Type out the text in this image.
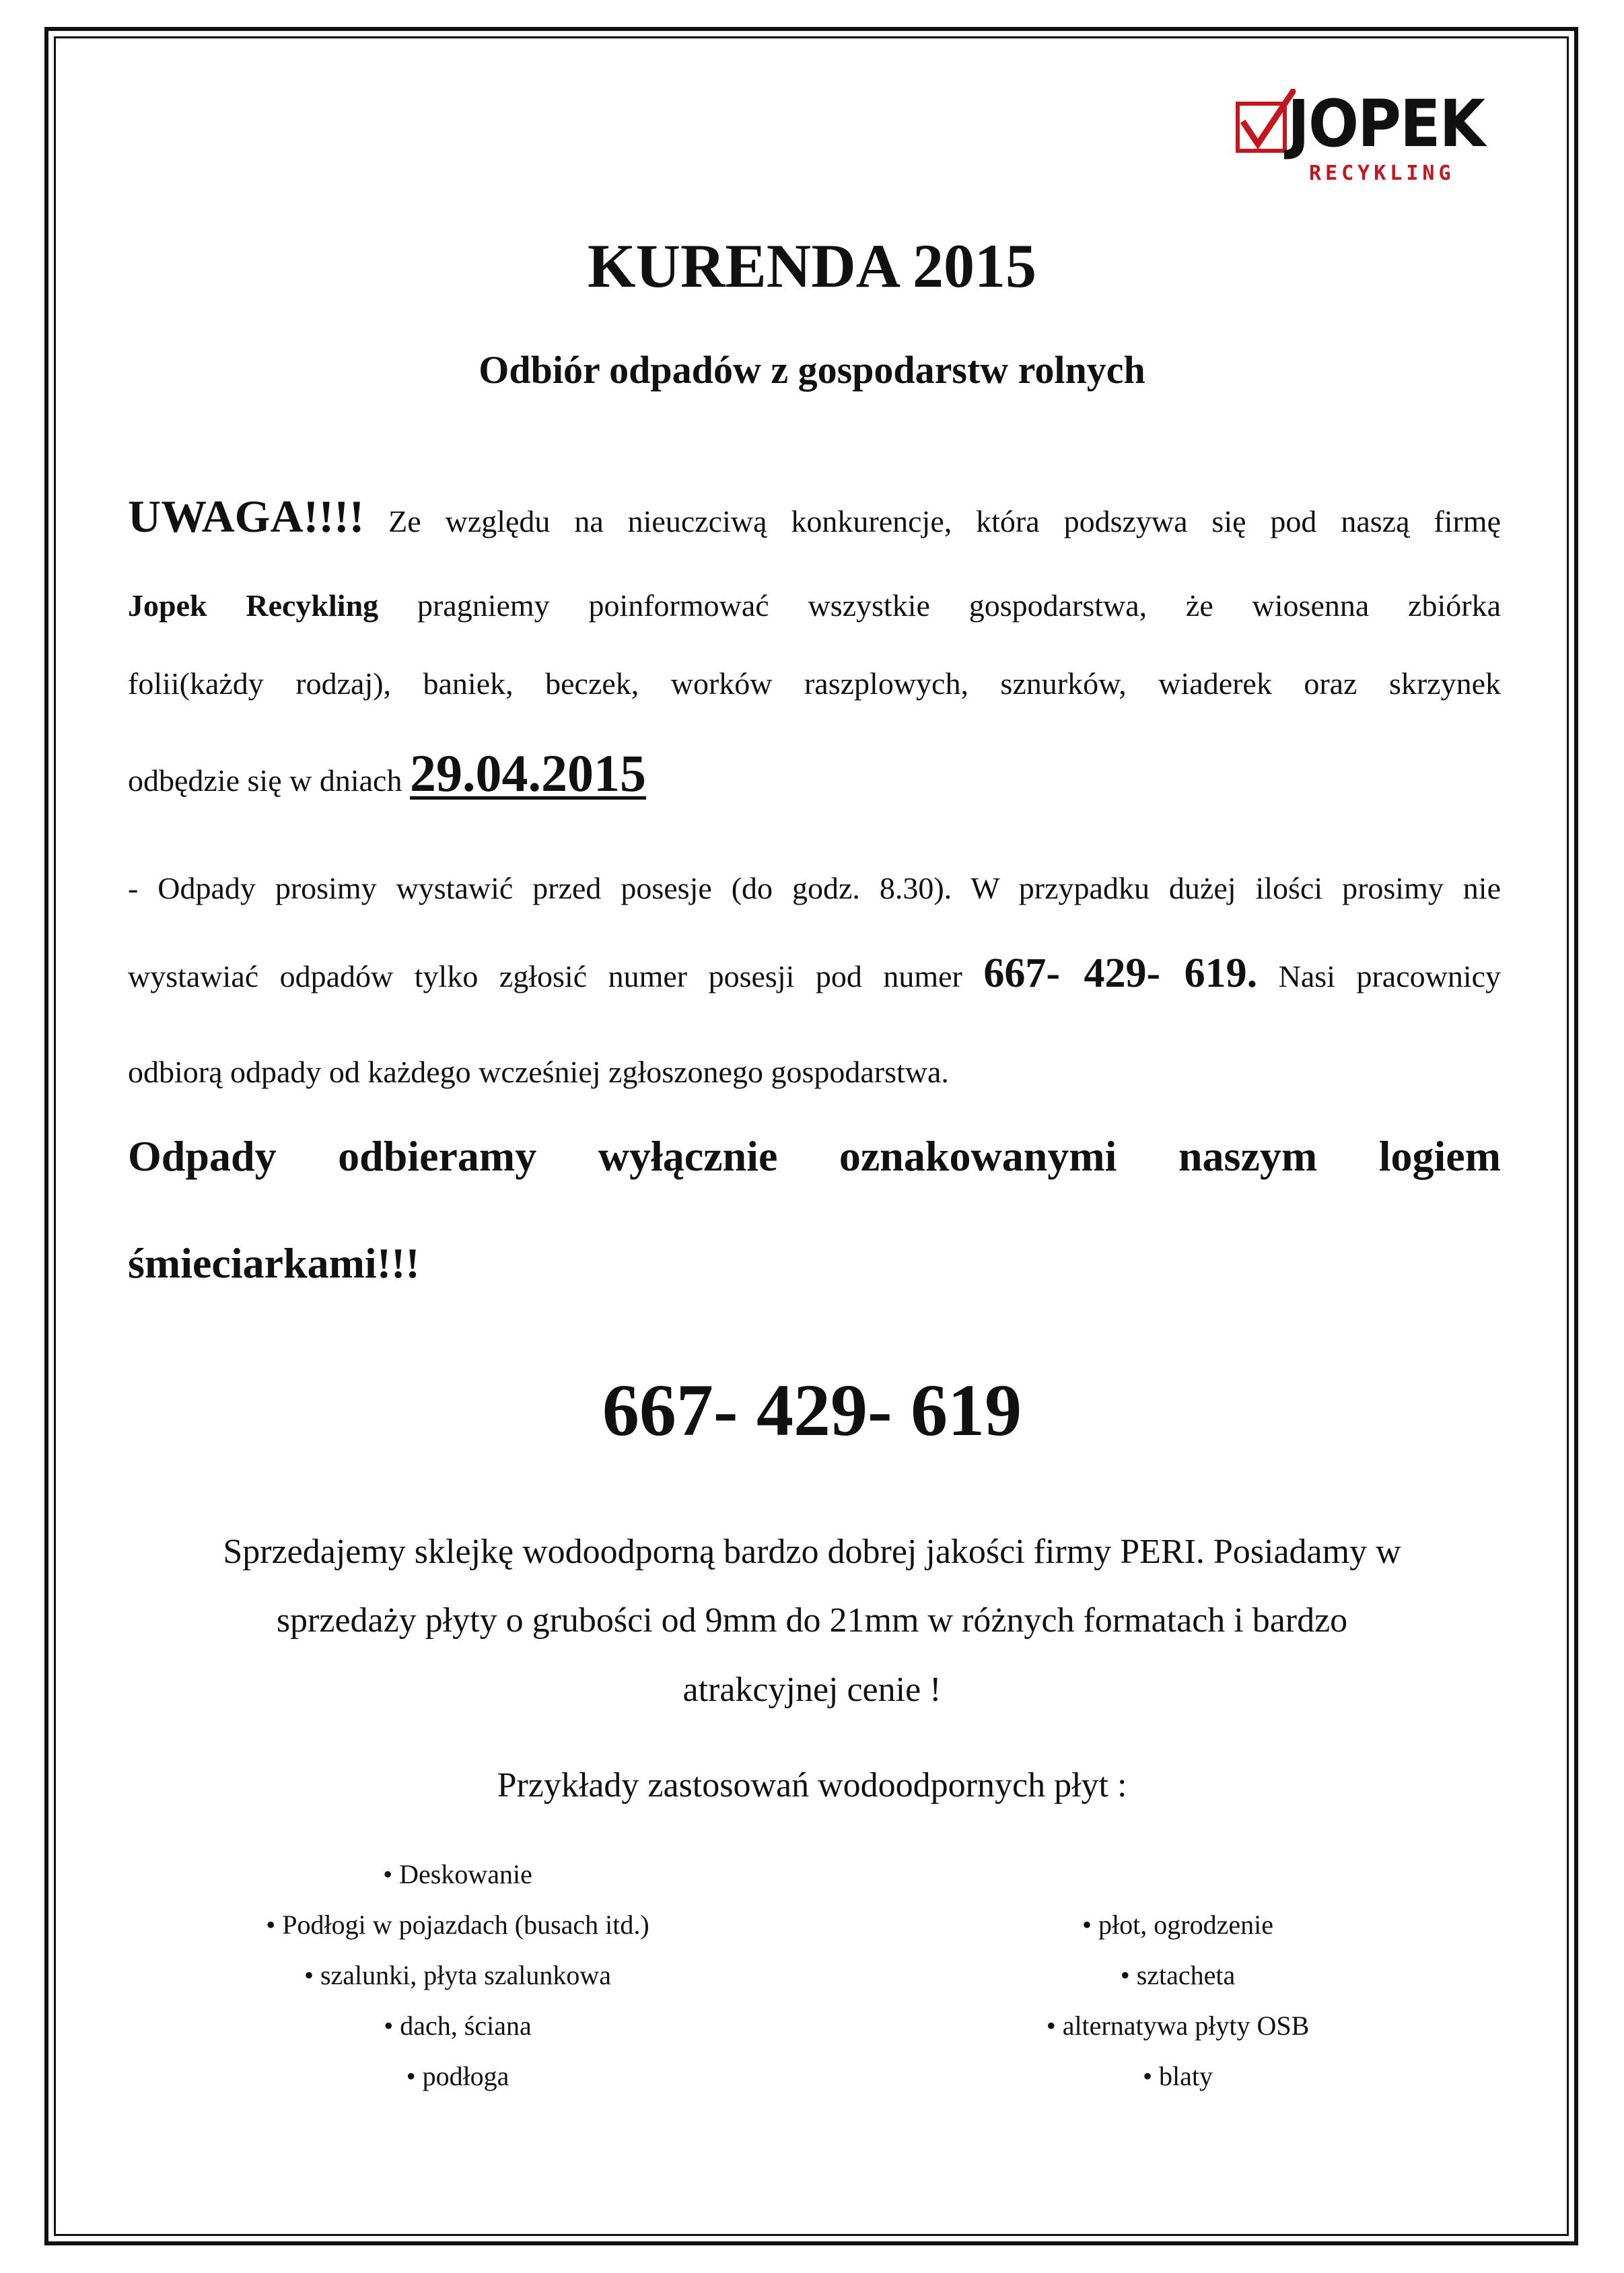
JOPEK
RECYKLING
KURENDA 2015
Odbiór odpadów z gospodarstw rolnych
UWAGA!!!! Ze względu na nieuczciwą konkurencje, która podszywa się pod naszą firmę
Jopek Recykling pragniemy poinformować wszystkie gospodarstwa, że wiosenna zbiórka
folii(każdy rodzaj), baniek, beczek, worków raszplowych, sznurków, wiaderek oraz skrzynek
odbędzie się w dniach 29.04.2015
- Odpady prosimy wystawić przed posesje (do godz. 8.30). W przypadku dużej ilości prosimy nie
wystawiać odpadów tylko zgłosić numer posesji pod numer 667- 429- 619. Nasi pracownicy
odbiorą odpady od każdego wcześniej zgłoszonego gospodarstwa.
Odpady odbieramy wyłącznie oznakowanymi naszym logiem
śmieciarkami!!!
667- 429- 619
Sprzedajemy sklejkę wodoodporną bardzo dobrej jakości firmy PERI. Posiadamy w
sprzedaży płyty o grubości od 9mm do 21mm w różnych formatach i bardzo
atrakcyjnej cenie !
Przykłady zastosowań wodoodpornych płyt :
• Deskowanie
• Podłogi w pojazdach (busach itd.)
• szalunki, płyta szalunkowa
• dach, ściana
• podłoga
• płot, ogrodzenie
• sztacheta
• alternatywa płyty OSB
• blaty
